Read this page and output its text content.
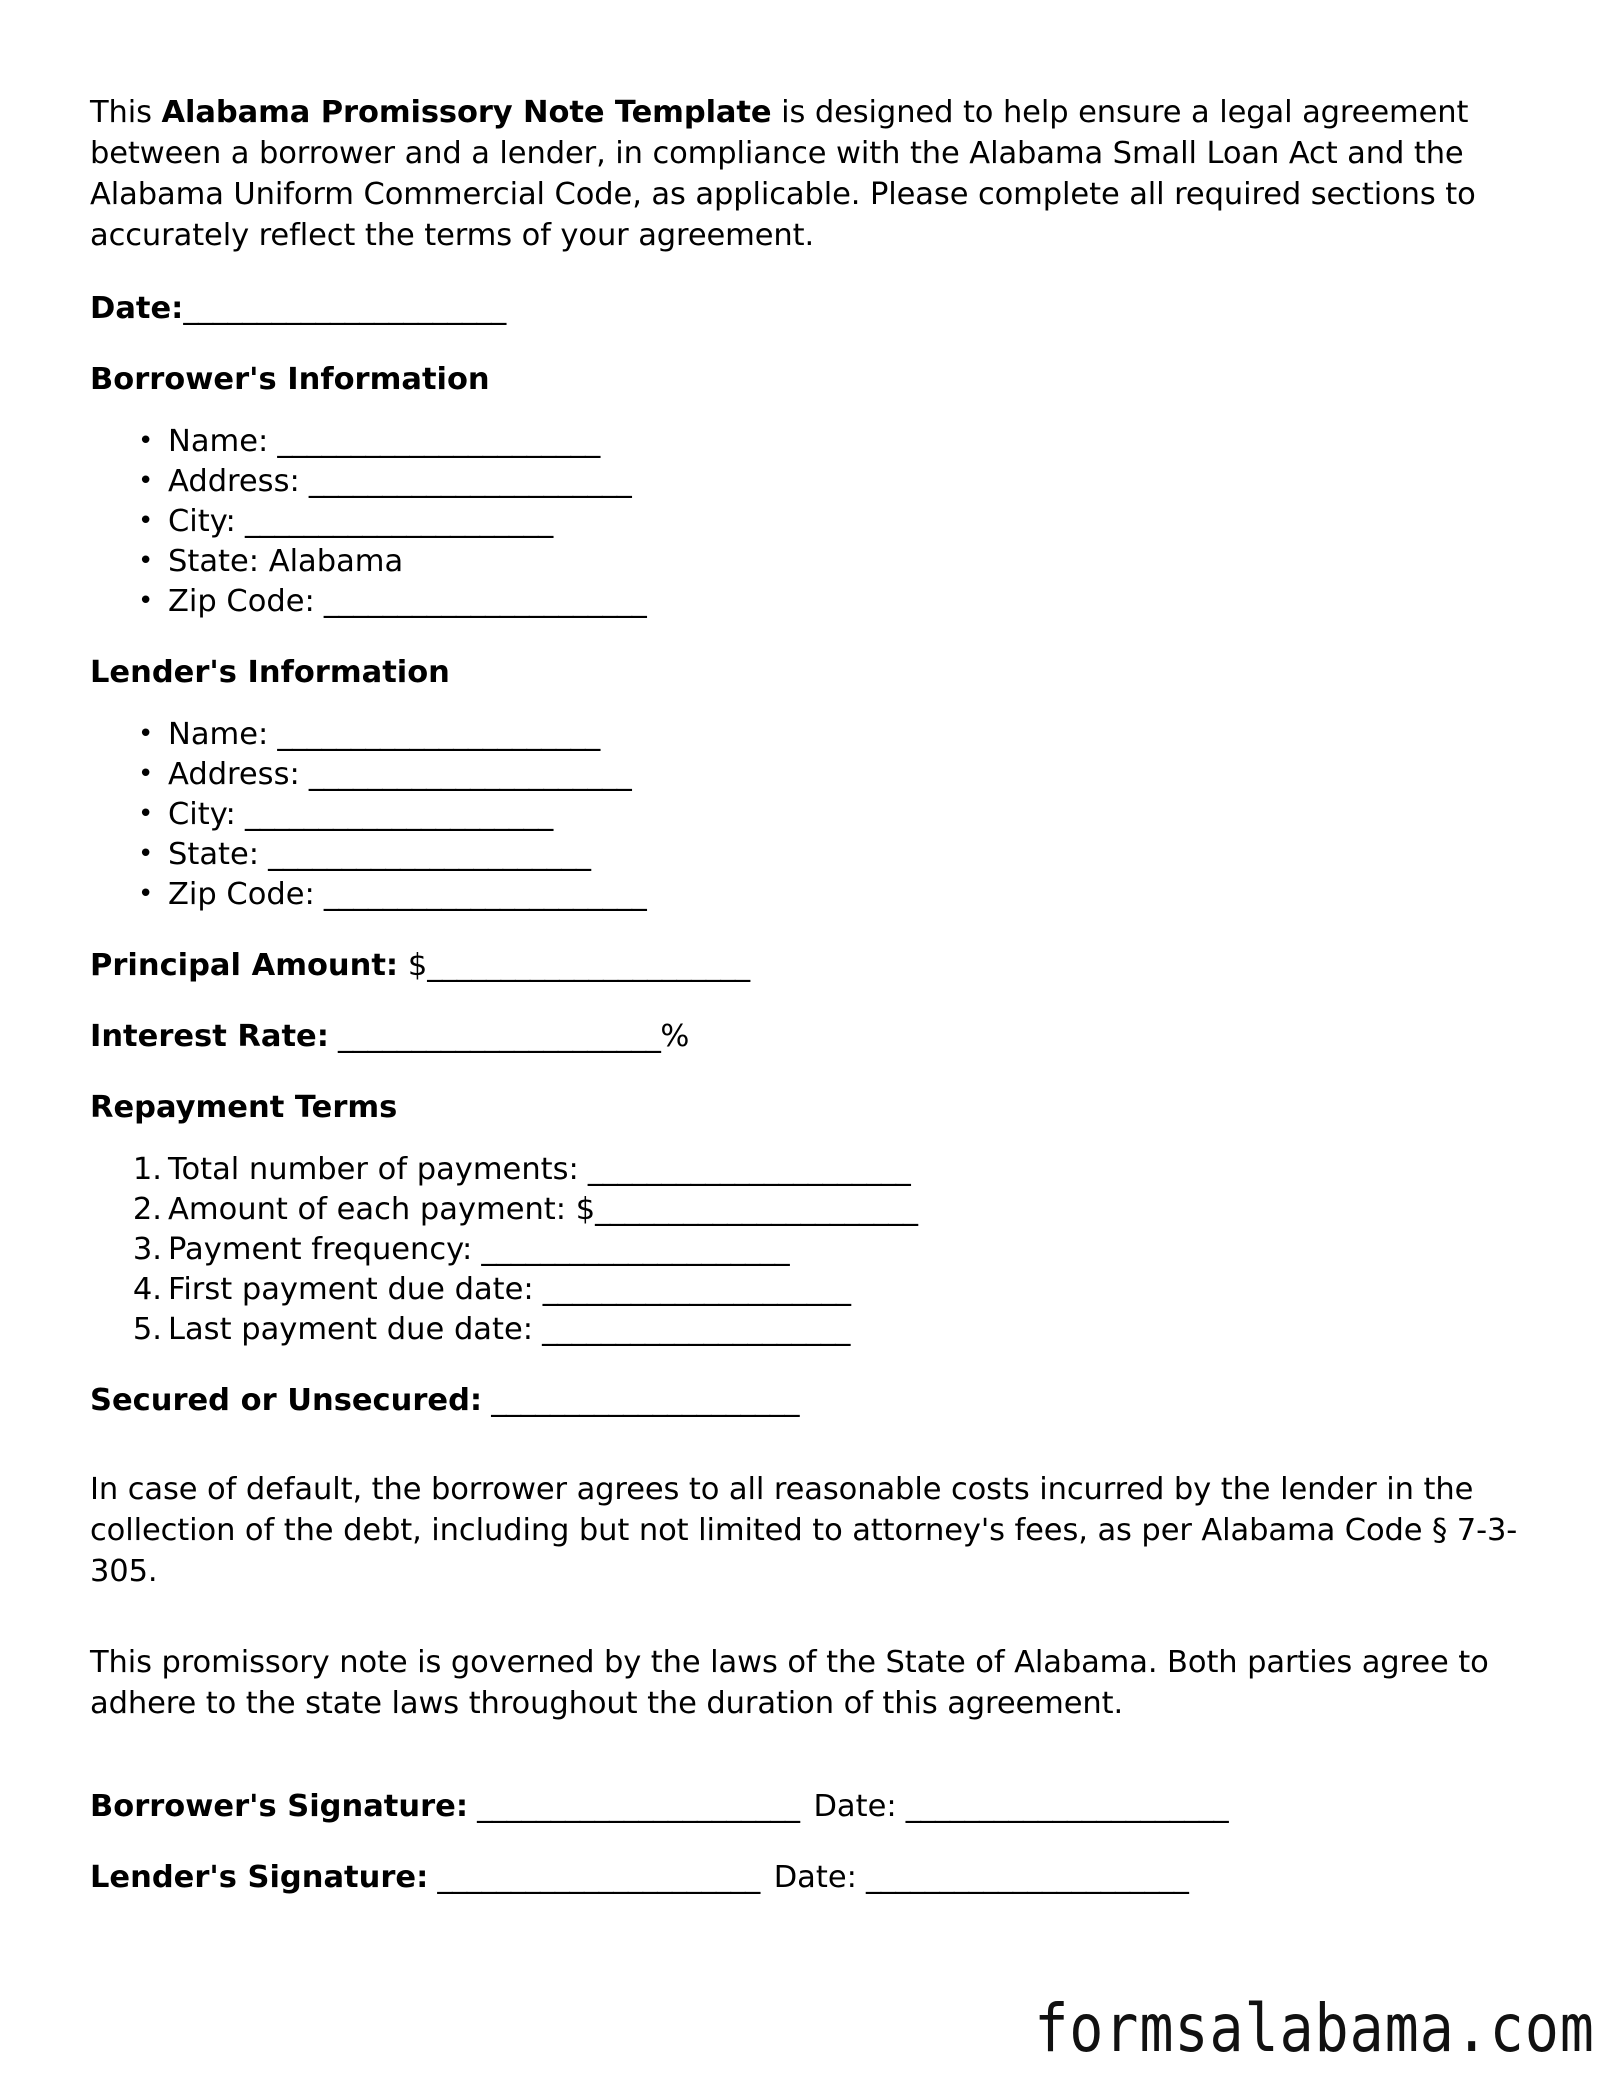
This Alabama Promissory Note Template is designed to help ensure a legal agreement between a borrower and a lender, in compliance with the Alabama Small Loan Act and the Alabama Uniform Commercial Code, as applicable. Please complete all required sections to accurately reflect the terms of your agreement.

Date:______________________

Borrower's Information
• Name: ______________________
• Address: ______________________
• City: _____________________
• State: Alabama
• Zip Code: ______________________
Lender's Information
• Name: ______________________
• Address: ______________________
• City: _____________________
• State: ______________________
• Zip Code: ______________________

Principal Amount: $______________________

Interest Rate: ______________________%

Repayment Terms
Total number of payments: ______________________
Amount of each payment: $______________________
Payment frequency: _____________________
First payment due date: _____________________
Last payment due date: _____________________

Secured or Unsecured: _____________________

In case of default, the borrower agrees to all reasonable costs incurred by the lender in the collection of the debt, including but not limited to attorney's fees, as per Alabama Code § 7-3-305.

This promissory note is governed by the laws of the State of Alabama. Both parties agree to adhere to the state laws throughout the duration of this agreement.

Borrower's Signature: ______________________ Date: ______________________

Lender's Signature: ______________________ Date: ______________________

formsalabama.com
